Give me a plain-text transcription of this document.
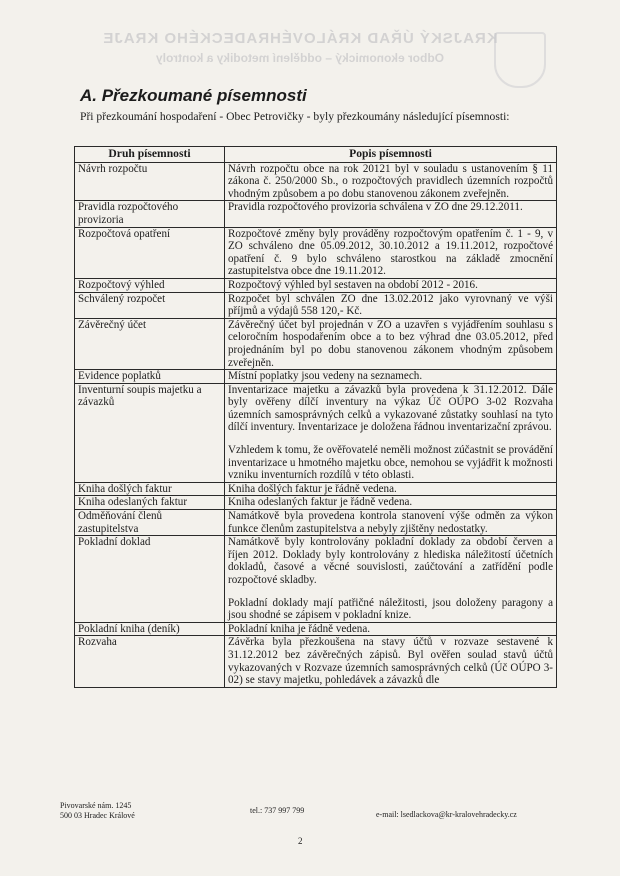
KRAJSKÝ ÚŘAD KRÁLOVÉHRADECKÉHO KRAJE
Odbor ekonomický – oddělení metodiky a kontroly
A. Přezkoumané písemnosti
Při přezkoumání hospodaření - Obec Petrovičky - byly přezkoumány následující písemnosti:
Druh písemnosti	Popis písemnosti
Návrh rozpočtu	Návrh rozpočtu obce na rok 20121 byl v souladu s ustanovením § 11 zákona č. 250/2000 Sb., o rozpočtových pravidlech územních rozpočtů vhodným způsobem a po dobu stanovenou zákonem zveřejněn.

Pravidla rozpočtového provizoria	Pravidla rozpočtového provizoria schválena v ZO dne 29.12.2011.

Rozpočtová opatření	Rozpočtové změny byly prováděny rozpočtovým opatřením č. 1 - 9, v ZO schváleno dne 05.09.2012, 30.10.2012 a 19.11.2012, rozpočtové opatření č. 9 bylo schváleno starostkou na základě zmocnění zastupitelstva obce dne 19.11.2012.

Rozpočtový výhled	Rozpočtový výhled byl sestaven na období 2012 - 2016.

Schválený rozpočet	Rozpočet byl schválen ZO dne 13.02.2012 jako vyrovnaný ve výši příjmů a výdajů 558 120,- Kč.

Závěrečný účet	Závěrečný účet byl projednán v ZO a uzavřen s vyjádřením souhlasu s celoročním hospodařením obce a to bez výhrad dne 03.05.2012, před projednáním byl po dobu stanovenou zákonem vhodným způsobem zveřejněn.

Evidence poplatků	Místní poplatky jsou vedeny na seznamech.

Inventurní soupis majetku a závazků	Inventarizace majetku a závazků byla provedena k 31.12.2012. Dále byly ověřeny dílčí inventury na výkaz Úč OÚPO 3-02 Rozvaha územních samosprávných celků a vykazované zůstatky souhlasí na tyto dílčí inventury. Inventarizace je doložena řádnou inventarizační zprávou.

Vzhledem k tomu, že ověřovatelé neměli možnost zúčastnit se provádění inventarizace u hmotného majetku obce, nemohou se vyjádřit k možnosti vzniku inventurních rozdílů v této oblasti.

Kniha došlých faktur	Kniha došlých faktur je řádně vedena.

Kniha odeslaných faktur	Kniha odeslaných faktur je řádně vedena.

Odměňování členů zastupitelstva	Namátkově byla provedena kontrola stanovení výše odměn za výkon funkce členům zastupitelstva a nebyly zjištěny nedostatky.

Pokladní doklad	Namátkově byly kontrolovány pokladní doklady za období červen a říjen 2012. Doklady byly kontrolovány z hlediska náležitostí účetních dokladů, časové a věcné souvislosti, zaúčtování a zatřídění podle rozpočtové skladby.

Pokladní doklady mají patřičné náležitosti, jsou doloženy paragony a jsou shodné se zápisem v pokladní knize.

Pokladní kniha (deník)	Pokladní kniha je řádně vedena.

Rozvaha	Závěrka byla přezkoušena na stavy účtů v rozvaze sestavené k 31.12.2012 bez závěrečných zápisů. Byl ověřen soulad stavů účtů vykazovaných v Rozvaze územních samosprávných celků (Úč OÚPO 3-02) se stavy majetku, pohledávek a závazků dle

Pivovarské nám. 1245
500 03 Hradec Králové
tel.: 737 997 799	e-mail: lsedlackova@kr-kralovehradecky.cz
2
